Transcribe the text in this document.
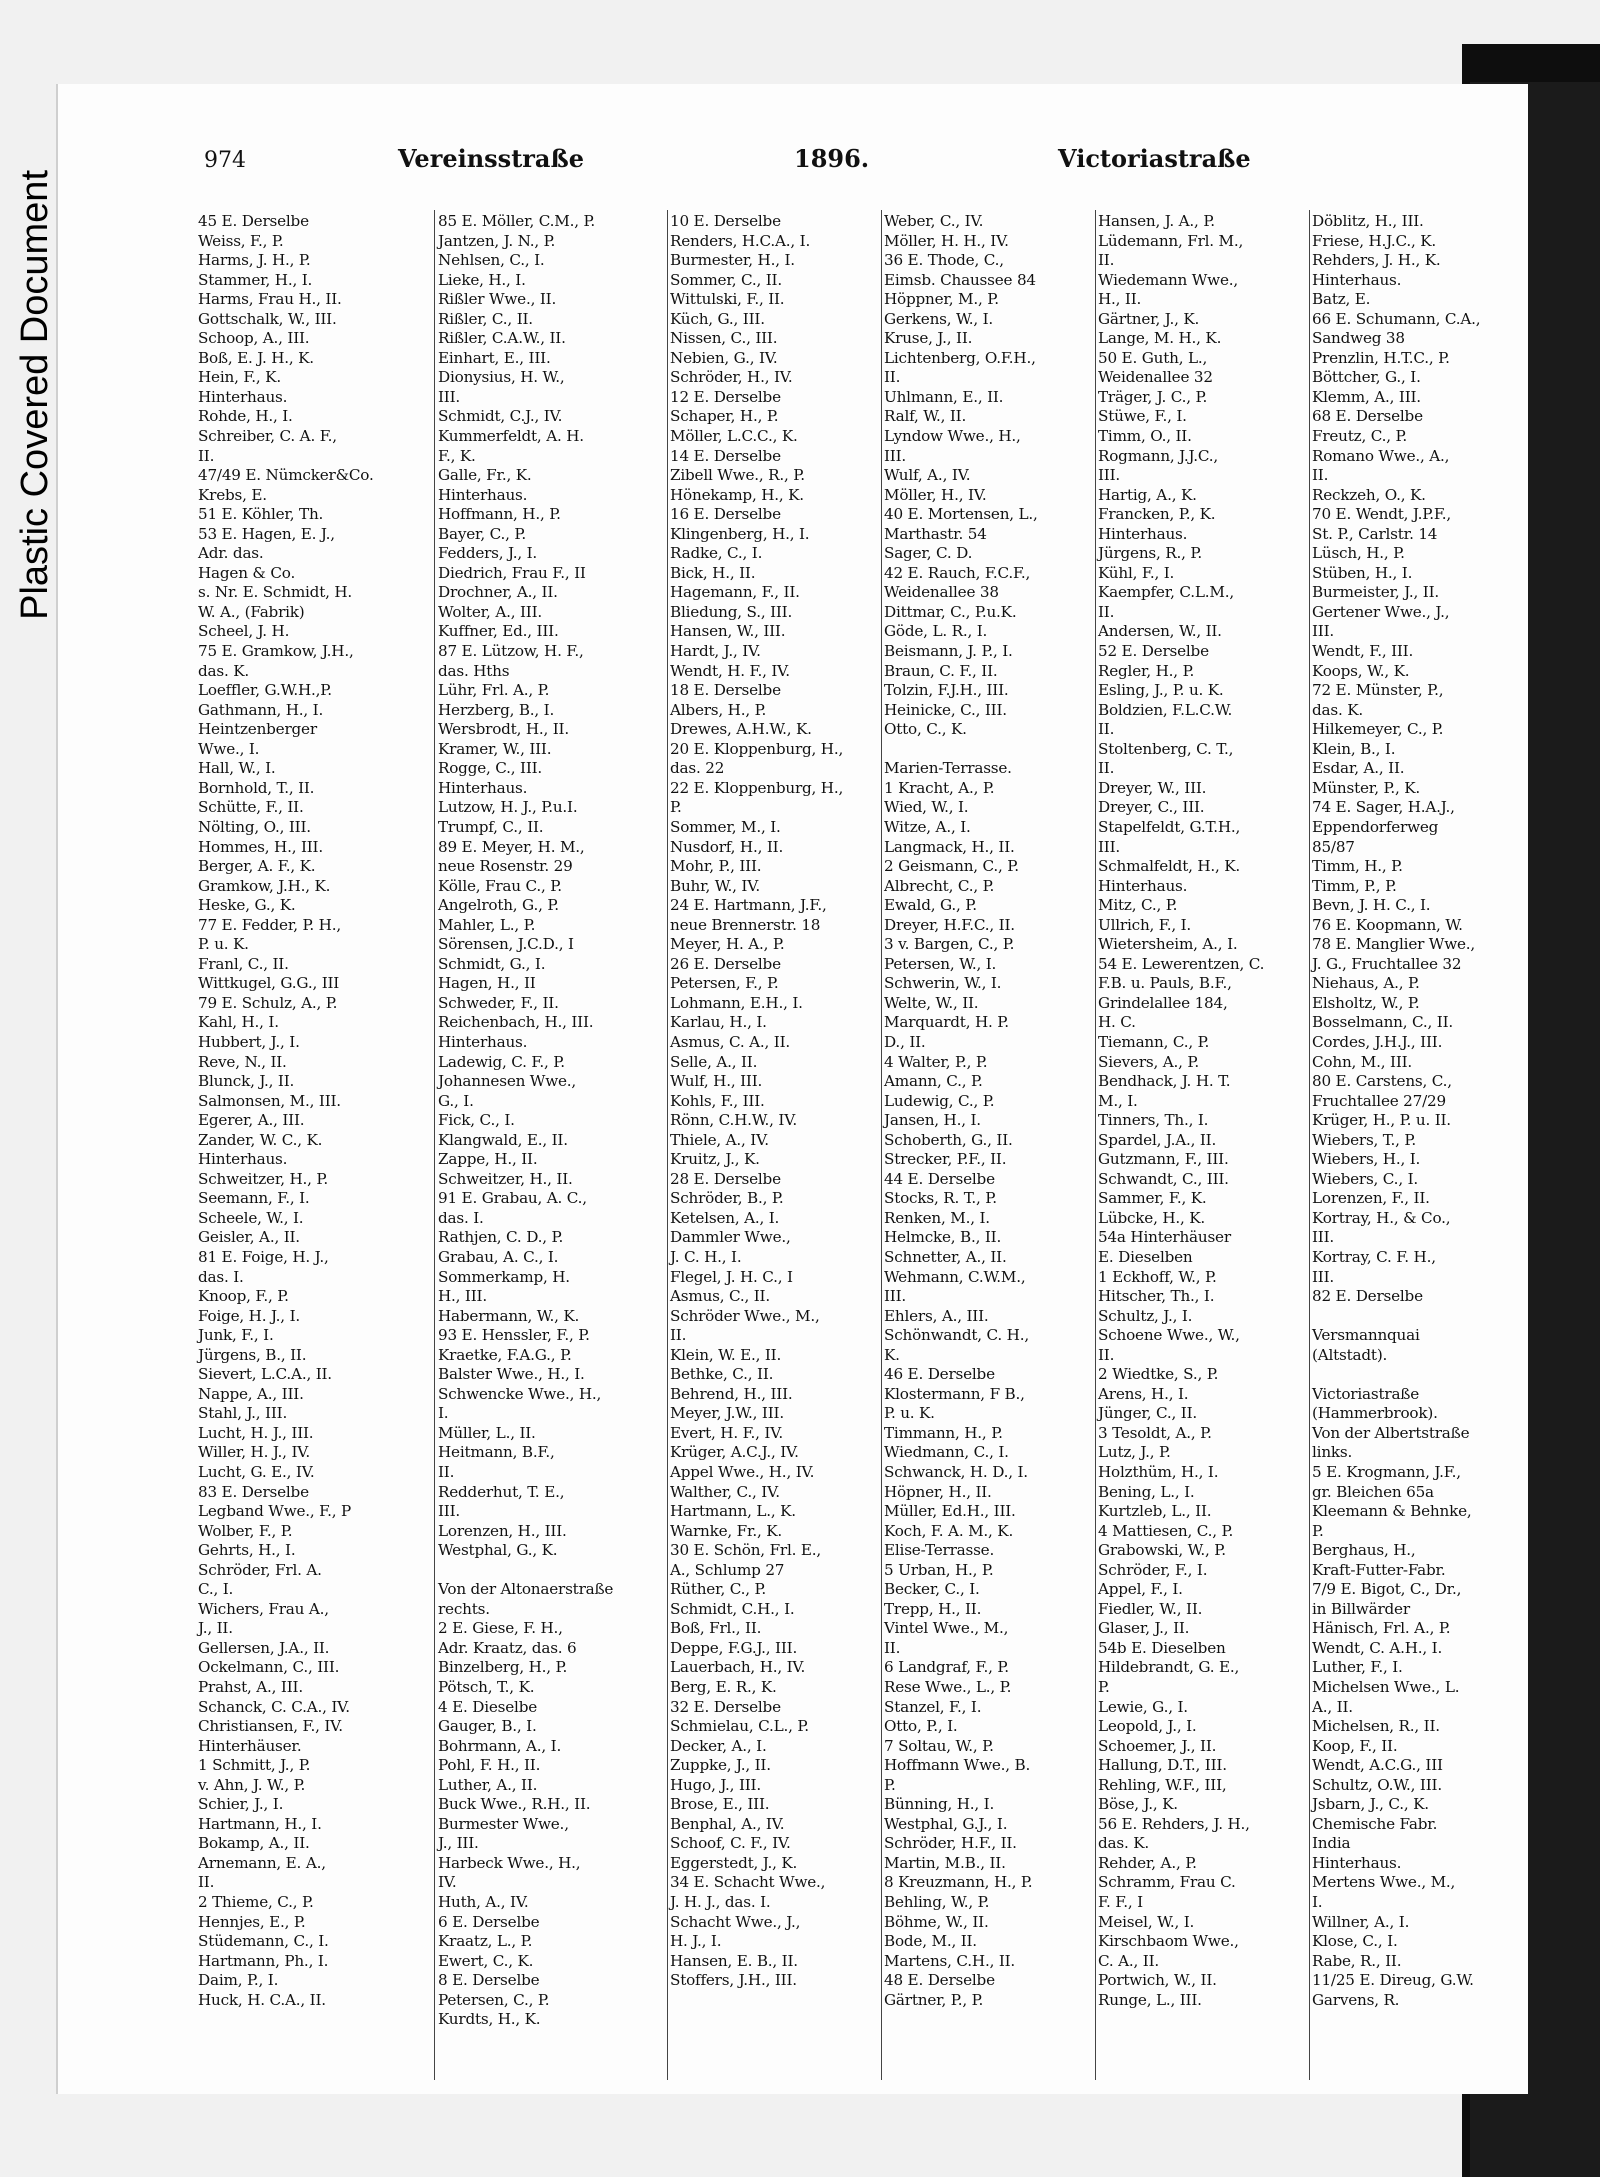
Plastic Covered Document
974	Vereinsstraße	1896.	Victoriastraße
45 E. Derselbe
Weiss, F., P.
Harms, J. H., P.
Stammer, H., I.
Harms, Frau H., II.
Gottschalk, W., III.
Schoop, A., III.
Boß, E. J. H., K.
Hein, F., K.
Hinterhaus.
Rohde, H., I.
Schreiber, C. A. F.,
II.
47/49 E. Nümcker&Co.
Krebs, E.
51 E. Köhler, Th.
53 E. Hagen, E. J.,
Adr. das.
Hagen & Co.
s. Nr. E. Schmidt, H.
W. A., (Fabrik)
Scheel, J. H.
75 E. Gramkow, J.H.,
das. K.
Loeffler, G.W.H.,P.
Gathmann, H., I.
Heintzenberger
Wwe., I.
Hall, W., I.
Bornhold, T., II.
Schütte, F., II.
Nölting, O., III.
Hommes, H., III.
Berger, A. F., K.
Gramkow, J.H., K.
Heske, G., K.
77 E. Fedder, P. H.,
P. u. K.
Franl, C., II.
Wittkugel, G.G., III
79 E. Schulz, A., P.
Kahl, H., I.
Hubbert, J., I.
Reve, N., II.
Blunck, J., II.
Salmonsen, M., III.
Egerer, A., III.
Zander, W. C., K.
Hinterhaus.
Schweitzer, H., P.
Seemann, F., I.
Scheele, W., I.
Geisler, A., II.
81 E. Foige, H. J.,
das. I.
Knoop, F., P.
Foige, H. J., I.
Junk, F., I.
Jürgens, B., II.
Sievert, L.C.A., II.
Nappe, A., III.
Stahl, J., III.
Lucht, H. J., III.
Willer, H. J., IV.
Lucht, G. E., IV.
83 E. Derselbe
Legband Wwe., F., P
Wolber, F., P.
Gehrts, H., I.
Schröder, Frl. A.
C., I.
Wichers, Frau A.,
J., II.
Gellersen, J.A., II.
Ockelmann, C., III.
Prahst, A., III.
Schanck, C. C.A., IV.
Christiansen, F., IV.
Hinterhäuser.
1 Schmitt, J., P.
v. Ahn, J. W., P.
Schier, J., I.
Hartmann, H., I.
Bokamp, A., II.
Arnemann, E. A.,
II.
2 Thieme, C., P.
Hennjes, E., P.
Stüdemann, C., I.
Hartmann, Ph., I.
Daim, P., I.
Huck, H. C.A., II.
85 E. Möller, C.M., P.
Jantzen, J. N., P.
Nehlsen, C., I.
Lieke, H., I.
Rißler Wwe., II.
Rißler, C., II.
Rißler, C.A.W., II.
Einhart, E., III.
Dionysius, H. W.,
III.
Schmidt, C.J., IV.
Kummerfeldt, A. H.
F., K.
Galle, Fr., K.
Hinterhaus.
Hoffmann, H., P.
Bayer, C., P.
Fedders, J., I.
Diedrich, Frau F., II
Drochner, A., II.
Wolter, A., III.
Kuffner, Ed., III.
87 E. Lützow, H. F.,
das. Hths
Lühr, Frl. A., P.
Herzberg, B., I.
Wersbrodt, H., II.
Kramer, W., III.
Rogge, C., III.
Hinterhaus.
Lutzow, H. J., P.u.I.
Trumpf, C., II.
89 E. Meyer, H. M.,
neue Rosenstr. 29
Kölle, Frau C., P.
Angelroth, G., P.
Mahler, L., P.
Sörensen, J.C.D., I
Schmidt, G., I.
Hagen, H., II
Schweder, F., II.
Reichenbach, H., III.
Hinterhaus.
Ladewig, C. F., P.
Johannesen Wwe.,
G., I.
Fick, C., I.
Klangwald, E., II.
Zappe, H., II.
Schweitzer, H., II.
91 E. Grabau, A. C.,
das. I.
Rathjen, C. D., P.
Grabau, A. C., I.
Sommerkamp, H.
H., III.
Habermann, W., K.
93 E. Henssler, F., P.
Kraetke, F.A.G., P.
Balster Wwe., H., I.
Schwencke Wwe., H.,
I.
Müller, L., II.
Heitmann, B.F.,
II.
Redderhut, T. E.,
III.
Lorenzen, H., III.
Westphal, G., K.
Von der Altonaerstraße
rechts.
2 E. Giese, F. H.,
Adr. Kraatz, das. 6
Binzelberg, H., P.
Pötsch, T., K.
4 E. Dieselbe
Gauger, B., I.
Bohrmann, A., I.
Pohl, F. H., II.
Luther, A., II.
Buck Wwe., R.H., II.
Burmester Wwe.,
J., III.
Harbeck Wwe., H.,
IV.
Huth, A., IV.
6 E. Derselbe
Kraatz, L., P.
Ewert, C., K.
8 E. Derselbe
Petersen, C., P.
Kurdts, H., K.
10 E. Derselbe
Renders, H.C.A., I.
Burmester, H., I.
Sommer, C., II.
Wittulski, F., II.
Küch, G., III.
Nissen, C., III.
Nebien, G., IV.
Schröder, H., IV.
12 E. Derselbe
Schaper, H., P.
Möller, L.C.C., K.
14 E. Derselbe
Zibell Wwe., R., P.
Hönekamp, H., K.
16 E. Derselbe
Klingenberg, H., I.
Radke, C., I.
Bick, H., II.
Hagemann, F., II.
Bliedung, S., III.
Hansen, W., III.
Hardt, J., IV.
Wendt, H. F., IV.
18 E. Derselbe
Albers, H., P.
Drewes, A.H.W., K.
20 E. Kloppenburg, H.,
das. 22
22 E. Kloppenburg, H.,
P.
Sommer, M., I.
Nusdorf, H., II.
Mohr, P., III.
Buhr, W., IV.
24 E. Hartmann, J.F.,
neue Brennerstr. 18
Meyer, H. A., P.
26 E. Derselbe
Petersen, F., P.
Lohmann, E.H., I.
Karlau, H., I.
Asmus, C. A., II.
Selle, A., II.
Wulf, H., III.
Kohls, F., III.
Rönn, C.H.W., IV.
Thiele, A., IV.
Kruitz, J., K.
28 E. Derselbe
Schröder, B., P.
Ketelsen, A., I.
Dammler Wwe.,
J. C. H., I.
Flegel, J. H. C., I
Asmus, C., II.
Schröder Wwe., M.,
II.
Klein, W. E., II.
Bethke, C., II.
Behrend, H., III.
Meyer, J.W., III.
Evert, H. F., IV.
Krüger, A.C.J., IV.
Appel Wwe., H., IV.
Walther, C., IV.
Hartmann, L., K.
Warnke, Fr., K.
30 E. Schön, Frl. E.,
A., Schlump 27
Rüther, C., P.
Schmidt, C.H., I.
Boß, Frl., II.
Deppe, F.G.J., III.
Lauerbach, H., IV.
Berg, E. R., K.
32 E. Derselbe
Schmielau, C.L., P.
Decker, A., I.
Zuppke, J., II.
Hugo, J., III.
Brose, E., III.
Benphal, A., IV.
Schoof, C. F., IV.
Eggerstedt, J., K.
34 E. Schacht Wwe.,
J. H. J., das. I.
Schacht Wwe., J.,
H. J., I.
Hansen, E. B., II.
Stoffers, J.H., III.
Weber, C., IV.
Möller, H. H., IV.
36 E. Thode, C.,
Eimsb. Chaussee 84
Höppner, M., P.
Gerkens, W., I.
Kruse, J., II.
Lichtenberg, O.F.H.,
II.
Uhlmann, E., II.
Ralf, W., II.
Lyndow Wwe., H.,
III.
Wulf, A., IV.
Möller, H., IV.
40 E. Mortensen, L.,
Marthastr. 54
Sager, C. D.
42 E. Rauch, F.C.F.,
Weidenallee 38
Dittmar, C., P.u.K.
Göde, L. R., I.
Beismann, J. P., I.
Braun, C. F., II.
Tolzin, F.J.H., III.
Heinicke, C., III.
Otto, C., K.
Marien-Terrasse.
1 Kracht, A., P.
Wied, W., I.
Witze, A., I.
Langmack, H., II.
2 Geismann, C., P.
Albrecht, C., P.
Ewald, G., P.
Dreyer, H.F.C., II.
3 v. Bargen, C., P.
Petersen, W., I.
Schwerin, W., I.
Welte, W., II.
Marquardt, H. P.
D., II.
4 Walter, P., P.
Amann, C., P.
Ludewig, C., P.
Jansen, H., I.
Schoberth, G., II.
Strecker, P.F., II.
44 E. Derselbe
Stocks, R. T., P.
Renken, M., I.
Helmcke, B., II.
Schnetter, A., II.
Wehmann, C.W.M.,
III.
Ehlers, A., III.
Schönwandt, C. H.,
K.
46 E. Derselbe
Klostermann, F B.,
P. u. K.
Timmann, H., P.
Wiedmann, C., I.
Schwanck, H. D., I.
Höpner, H., II.
Müller, Ed.H., III.
Koch, F. A. M., K.
Elise-Terrasse.
5 Urban, H., P.
Becker, C., I.
Trepp, H., II.
Vintel Wwe., M.,
II.
6 Landgraf, F., P.
Rese Wwe., L., P.
Stanzel, F., I.
Otto, P., I.
7 Soltau, W., P.
Hoffmann Wwe., B.
P.
Bünning, H., I.
Westphal, G.J., I.
Schröder, H.F., II.
Martin, M.B., II.
8 Kreuzmann, H., P.
Behling, W., P.
Böhme, W., II.
Bode, M., II.
Martens, C.H., II.
48 E. Derselbe
Gärtner, P., P.
Hansen, J. A., P.
Lüdemann, Frl. M.,
II.
Wiedemann Wwe.,
H., II.
Gärtner, J., K.
Lange, M. H., K.
50 E. Guth, L.,
Weidenallee 32
Träger, J. C., P.
Stüwe, F., I.
Timm, O., II.
Rogmann, J.J.C.,
III.
Hartig, A., K.
Francken, P., K.
Hinterhaus.
Jürgens, R., P.
Kühl, F., I.
Kaempfer, C.L.M.,
II.
Andersen, W., II.
52 E. Derselbe
Regler, H., P.
Esling, J., P. u. K.
Boldzien, F.L.C.W.
II.
Stoltenberg, C. T.,
II.
Dreyer, W., III.
Dreyer, C., III.
Stapelfeldt, G.T.H.,
III.
Schmalfeldt, H., K.
Hinterhaus.
Mitz, C., P.
Ullrich, F., I.
Wietersheim, A., I.
54 E. Lewerentzen, C.
F.B. u. Pauls, B.F.,
Grindelallee 184,
H. C.
Tiemann, C., P.
Sievers, A., P.
Bendhack, J. H. T.
M., I.
Tinners, Th., I.
Spardel, J.A., II.
Gutzmann, F., III.
Schwandt, C., III.
Sammer, F., K.
Lübcke, H., K.
54a Hinterhäuser
E. Dieselben
1 Eckhoff, W., P.
Hitscher, Th., I.
Schultz, J., I.
Schoene Wwe., W.,
II.
2 Wiedtke, S., P.
Arens, H., I.
Jünger, C., II.
3 Tesoldt, A., P.
Lutz, J., P.
Holzthüm, H., I.
Bening, L., I.
Kurtzleb, L., II.
4 Mattiesen, C., P.
Grabowski, W., P.
Schröder, F., I.
Appel, F., I.
Fiedler, W., II.
Glaser, J., II.
54b E. Dieselben
Hildebrandt, G. E.,
P.
Lewie, G., I.
Leopold, J., I.
Schoemer, J., II.
Hallung, D.T., III.
Rehling, W.F., III,
Böse, J., K.
56 E. Rehders, J. H.,
das. K.
Rehder, A., P.
Schramm, Frau C.
F. F., I
Meisel, W., I.
Kirschbaom Wwe.,
C. A., II.
Portwich, W., II.
Runge, L., III.
Döblitz, H., III.
Friese, H.J.C., K.
Rehders, J. H., K.
Hinterhaus.
Batz, E.
66 E. Schumann, C.A.,
Sandweg 38
Prenzlin, H.T.C., P.
Böttcher, G., I.
Klemm, A., III.
68 E. Derselbe
Freutz, C., P.
Romano Wwe., A.,
II.
Reckzeh, O., K.
70 E. Wendt, J.P.F.,
St. P., Carlstr. 14
Lüsch, H., P.
Stüben, H., I.
Burmeister, J., II.
Gertener Wwe., J.,
III.
Wendt, F., III.
Koops, W., K.
72 E. Münster, P.,
das. K.
Hilkemeyer, C., P.
Klein, B., I.
Esdar, A., II.
Münster, P., K.
74 E. Sager, H.A.J.,
Eppendorferweg
85/87
Timm, H., P.
Timm, P., P.
Bevn, J. H. C., I.
76 E. Koopmann, W.
78 E. Manglier Wwe.,
J. G., Fruchtallee 32
Niehaus, A., P.
Elsholtz, W., P.
Bosselmann, C., II.
Cordes, J.H.J., III.
Cohn, M., III.
80 E. Carstens, C.,
Fruchtallee 27/29
Krüger, H., P. u. II.
Wiebers, T., P.
Wiebers, H., I.
Wiebers, C., I.
Lorenzen, F., II.
Kortray, H., & Co.,
III.
Kortray, C. F. H.,
III.
82 E. Derselbe
Versmannquai
(Altstadt).
Victoriastraße
(Hammerbrook).
Von der Albertstraße
links.
5 E. Krogmann, J.F.,
gr. Bleichen 65a
Kleemann & Behnke,
P.
Berghaus, H.,
Kraft-Futter-Fabr.
7/9 E. Bigot, C., Dr.,
in Billwärder
Hänisch, Frl. A., P.
Wendt, C. A.H., I.
Luther, F., I.
Michelsen Wwe., L.
A., II.
Michelsen, R., II.
Koop, F., II.
Wendt, A.C.G., III
Schultz, O.W., III.
Jsbarn, J., C., K.
Chemische Fabr.
India
Hinterhaus.
Mertens Wwe., M.,
I.
Willner, A., I.
Klose, C., I.
Rabe, R., II.
11/25 E. Direug, G.W.
Garvens, R.
